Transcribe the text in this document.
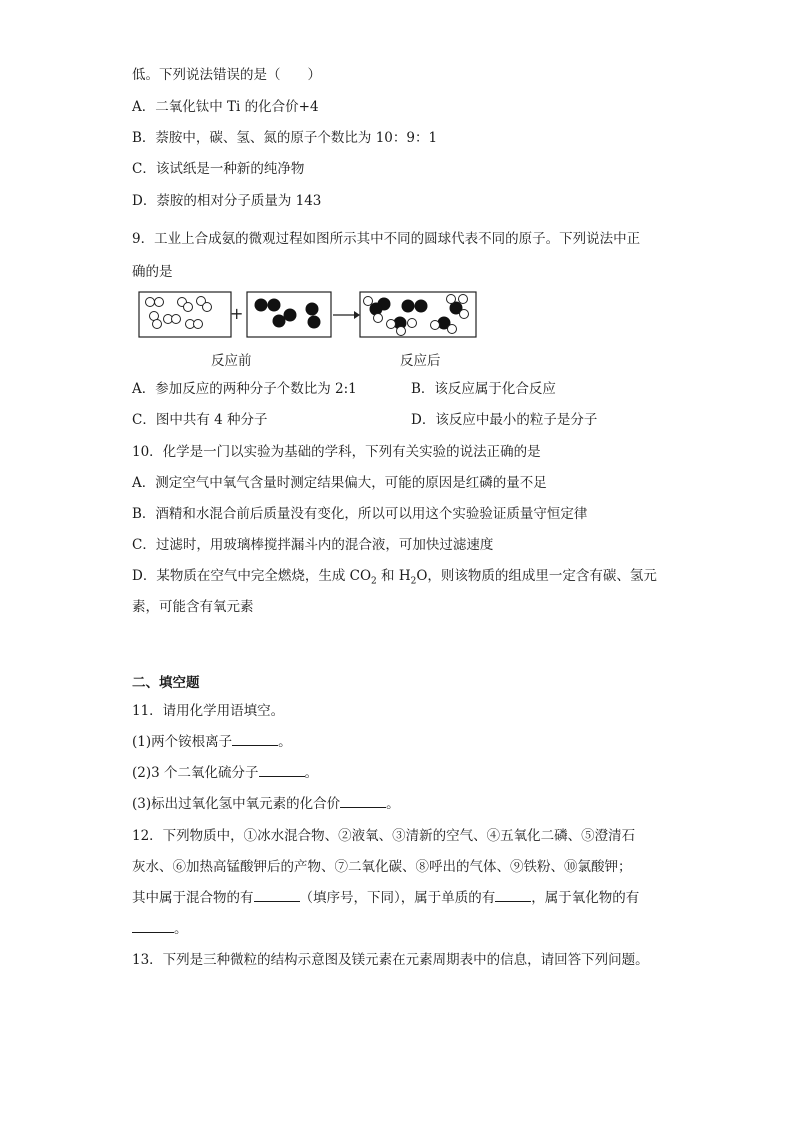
低。下列说法错误的是（　　）
A．二氧化钛中 Ti 的化合价+4
B．萘胺中，碳、氢、氮的原子个数比为 10：9：1
C．该试纸是一种新的纯净物
D．萘胺的相对分子质量为 143
9．工业上合成氨的微观过程如图所示其中不同的圆球代表不同的原子。下列说法中正
确的是
+
反应前	反应后
A．参加反应的两种分子个数比为 2:1	B．该反应属于化合反应
C．图中共有 4 种分子	D．该反应中最小的粒子是分子
10．化学是一门以实验为基础的学科，下列有关实验的说法正确的是
A．测定空气中氧气含量时测定结果偏大，可能的原因是红磷的量不足
B．酒精和水混合前后质量没有变化，所以可以用这个实验验证质量守恒定律
C．过滤时，用玻璃棒搅拌漏斗内的混合液，可加快过滤速度
D．某物质在空气中完全燃烧，生成 $CO_2$ 和 $H_2O$，则该物质的组成里一定含有碳、氢元
素，可能含有氧元素
二、填空题
11．请用化学用语填空。
(1)两个铵根离子	。
(2)3 个二氧化硫分子	。
(3)标出过氧化氢中氧元素的化合价	。
12．下列物质中，①冰水混合物、②液氧、③清新的空气、④五氧化二磷、⑤澄清石
灰水、⑥加热高锰酸钾后的产物、⑦二氧化碳、⑧呼出的气体、⑨铁粉、⑩氯酸钾；
其中属于混合物的有	（填序号，下同），属于单质的有	，属于氧化物的有
。
13．下列是三种微粒的结构示意图及镁元素在元素周期表中的信息，请回答下列问题。
